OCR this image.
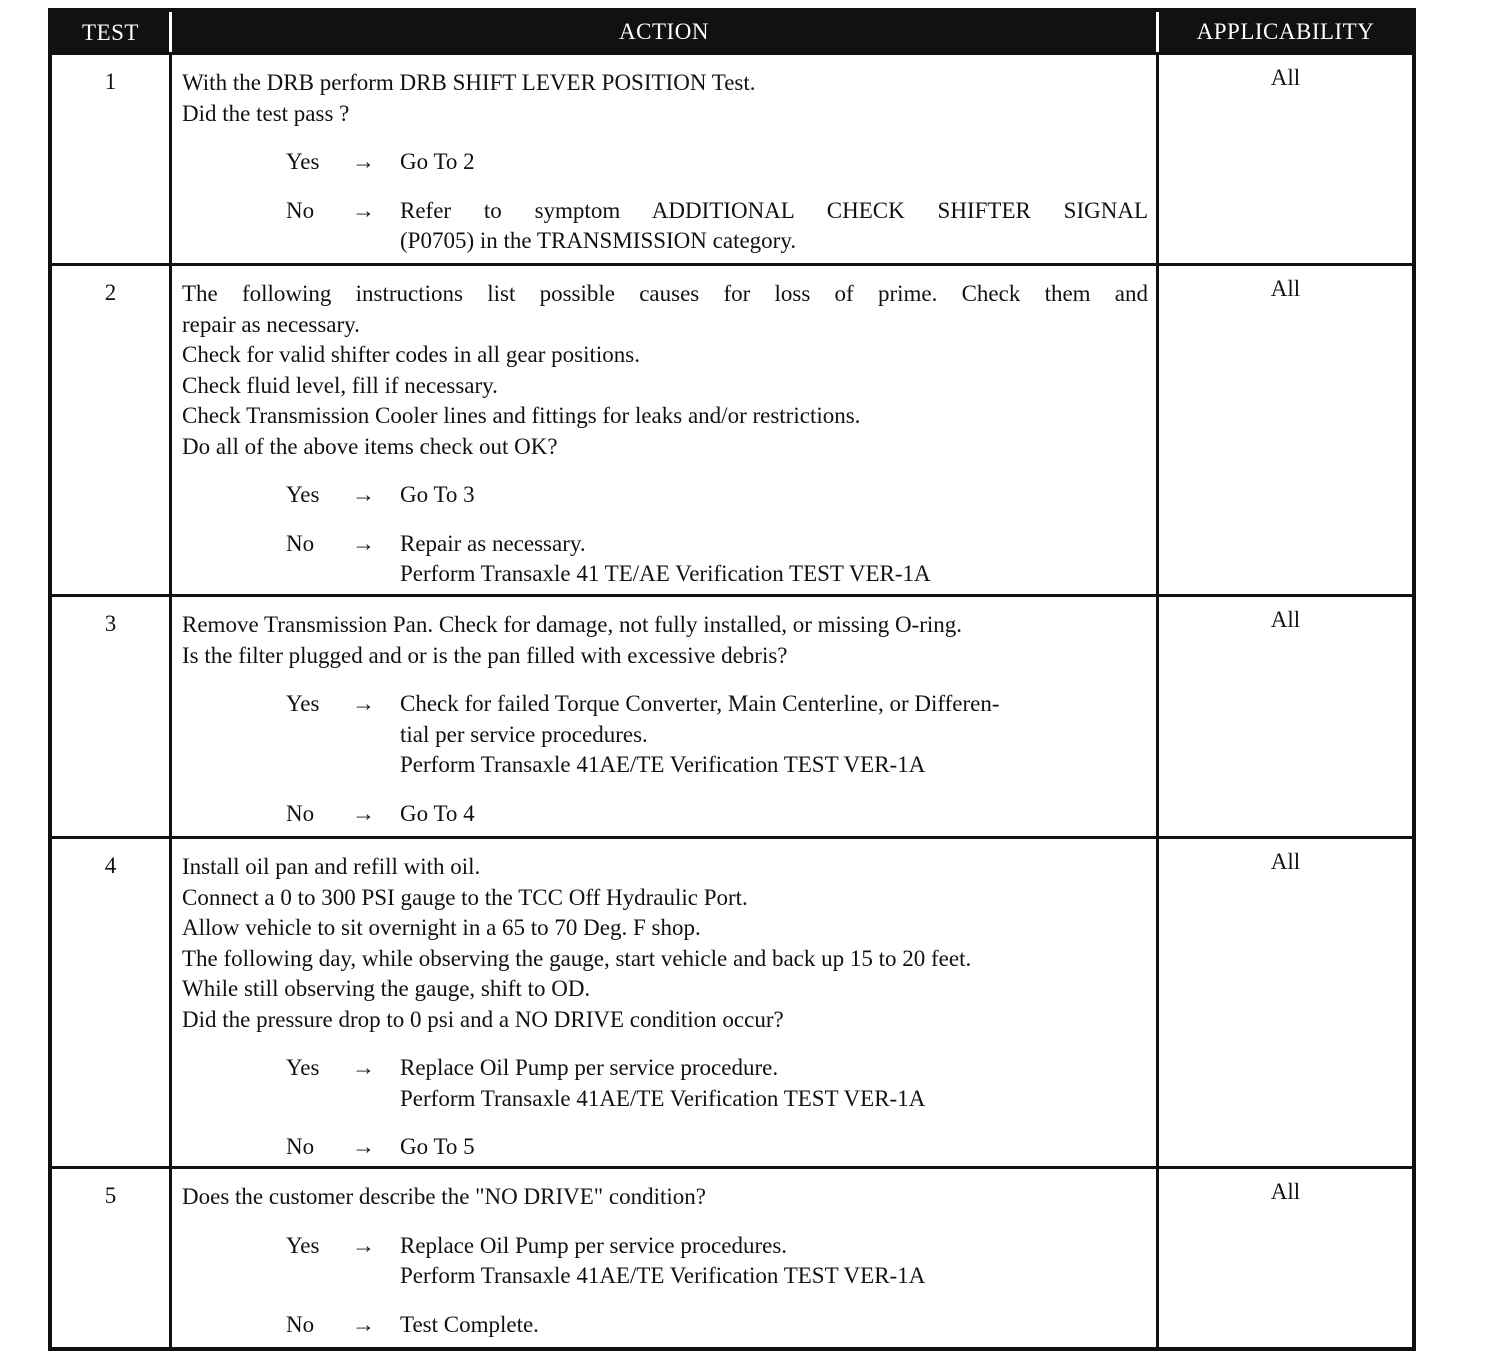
TEST	ACTION	APPLICABILITY
1	With the DRB perform DRB SHIFT LEVER POSITION Test.
Did the test pass ?
Yes	→	Go To 2
No	→	Refer to symptom ADDITIONAL CHECK SHIFTER SIGNAL
(P0705) in the TRANSMISSION category.
All
2	The following instructions list possible causes for loss of prime. Check them and
repair as necessary.
Check for valid shifter codes in all gear positions.
Check fluid level, fill if necessary.
Check Transmission Cooler lines and fittings for leaks and/or restrictions.
Do all of the above items check out OK?
Yes	→	Go To 3
No	→	Repair as necessary.
Perform Transaxle 41 TE/AE Verification TEST VER-1A
All
3	Remove Transmission Pan. Check for damage, not fully installed, or missing O-ring.
Is the filter plugged and or is the pan filled with excessive debris?
Yes	→	Check for failed Torque Converter, Main Centerline, or Differen-
tial per service procedures.
Perform Transaxle 41AE/TE Verification TEST VER-1A
No	→	Go To 4
All
4	Install oil pan and refill with oil.
Connect a 0 to 300 PSI gauge to the TCC Off Hydraulic Port.
Allow vehicle to sit overnight in a 65 to 70 Deg. F shop.
The following day, while observing the gauge, start vehicle and back up 15 to 20 feet.
While still observing the gauge, shift to OD.
Did the pressure drop to 0 psi and a NO DRIVE condition occur?
Yes	→	Replace Oil Pump per service procedure.
Perform Transaxle 41AE/TE Verification TEST VER-1A
No	→	Go To 5
All
5	Does the customer describe the "NO DRIVE" condition?
Yes	→	Replace Oil Pump per service procedures.
Perform Transaxle 41AE/TE Verification TEST VER-1A
No	→	Test Complete.
All
